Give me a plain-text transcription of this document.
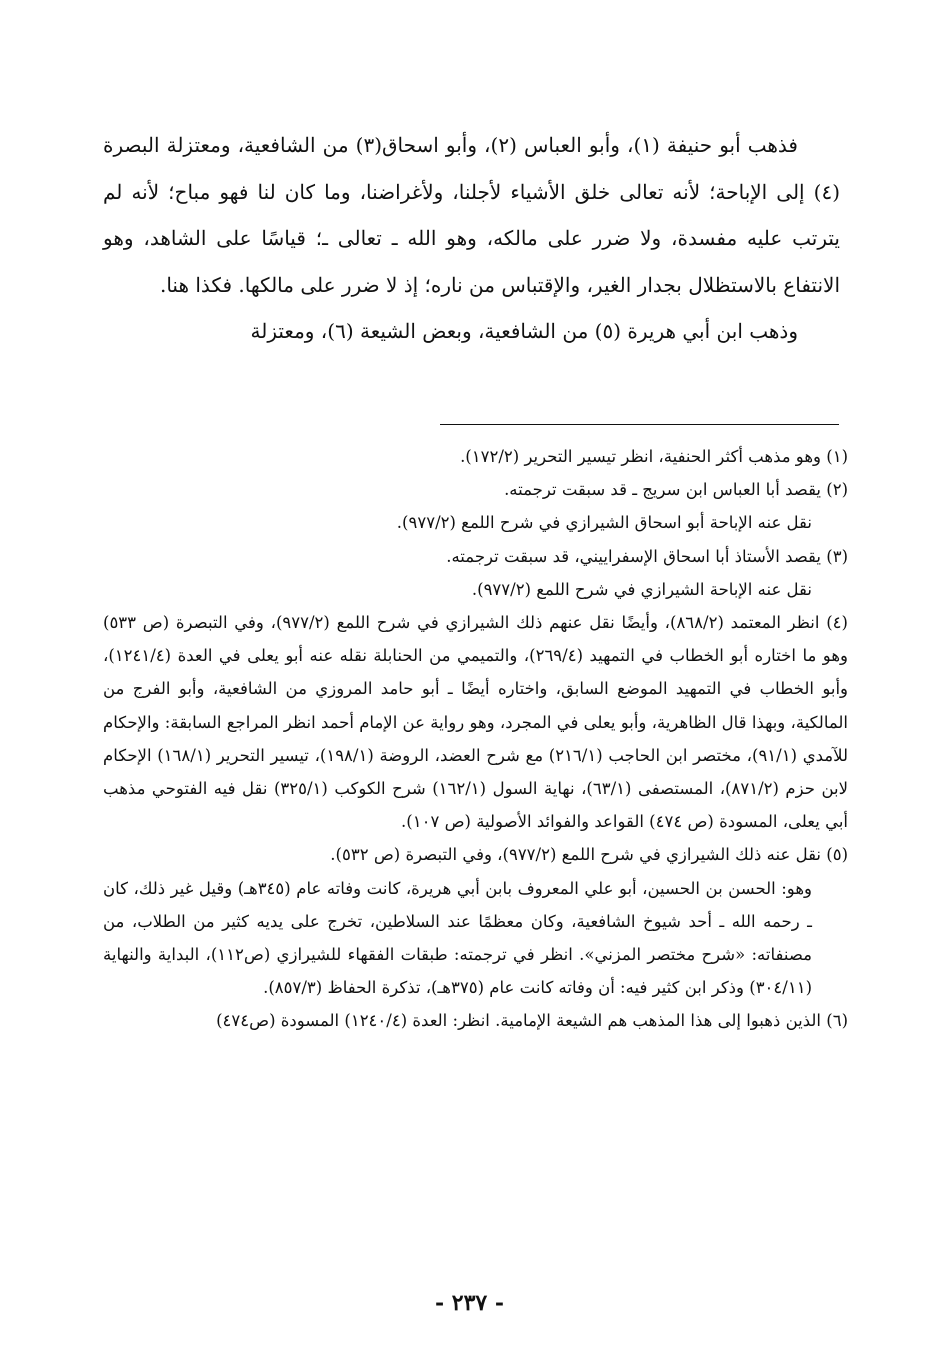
فذهب أبو حنيفة (١)، وأبو العباس (٢)، وأبو اسحاق(٣) من الشافعية، ومعتزلة البصرة (٤) إلى الإباحة؛ لأنه تعالى خلق الأشياء لأجلنا، ولأغراضنا، وما كان لنا فهو مباح؛ لأنه لم يترتب عليه مفسدة، ولا ضرر على مالكه، وهو الله ـ تعالى ـ؛ قياسًا على الشاهد، وهو الانتفاع بالاستظلال بجدار الغير، والإقتباس من ناره؛ إذ لا ضرر على مالكها. فكذا هنا.

وذهب ابن أبي هريرة (٥) من الشافعية، وبعض الشيعة (٦)، ومعتزلة

(١) وهو مذهب أكثر الحنفية، انظر تيسير التحرير (١٧٢/٢).

(٢) يقصد أبا العباس ابن سريج ـ قد سبقت ترجمته.

نقل عنه الإباحة أبو اسحاق الشيرازي في شرح اللمع (٩٧٧/٢).

(٣) يقصد الأستاذ أبا اسحاق الإسفراييني، قد سبقت ترجمته.

نقل عنه الإباحة الشيرازي في شرح اللمع (٩٧٧/٢).

(٤) انظر المعتمد (٨٦٨/٢)، وأيضًا نقل عنهم ذلك الشيرازي في شرح اللمع (٩٧٧/٢)، وفي التبصرة (ص ٥٣٣) وهو ما اختاره أبو الخطاب في التمهيد (٢٦٩/٤)، والتميمي من الحنابلة نقله عنه أبو يعلى في العدة (١٢٤١/٤)، وأبو الخطاب في التمهيد الموضع السابق، واختاره أيضًا ـ أبو حامد المروزي من الشافعية، وأبو الفرج من المالكية، وبهذا قال الظاهرية، وأبو يعلى في المجرد، وهو رواية عن الإمام أحمد انظر المراجع السابقة: والإحكام للآمدي (٩١/١)، مختصر ابن الحاجب (٢١٦/١) مع شرح العضد، الروضة (١٩٨/١)، تيسير التحرير (١٦٨/١) الإحكام لابن حزم (٨٧١/٢)، المستصفى (٦٣/١)، نهاية السول (١٦٢/١) شرح الكوكب (٣٢٥/١) نقل فيه الفتوحي مذهب أبي يعلى، المسودة (ص ٤٧٤) القواعد والفوائد الأصولية (ص ١٠٧).

(٥) نقل عنه ذلك الشيرازي في شرح اللمع (٩٧٧/٢)، وفي التبصرة (ص ٥٣٢).

وهو: الحسن بن الحسين، أبو علي المعروف بابن أبي هريرة، كانت وفاته عام (٣٤٥هـ) وقيل غير ذلك، كان ـ رحمه الله ـ أحد شيوخ الشافعية، وكان معظمًا عند السلاطين، تخرج على يديه كثير من الطلاب، من مصنفاته: «شرح مختصر المزني». انظر في ترجمته: طبقات الفقهاء للشيرازي (ص١١٢)، البداية والنهاية (٣٠٤/١١) وذكر ابن كثير فيه: أن وفاته كانت عام (٣٧٥هـ)، تذكرة الحفاظ (٨٥٧/٣).

(٦) الذين ذهبوا إلى هذا المذهب هم الشيعة الإمامية. انظر: العدة (١٢٤٠/٤) المسودة (ص٤٧٤)

- ٢٣٧ -
